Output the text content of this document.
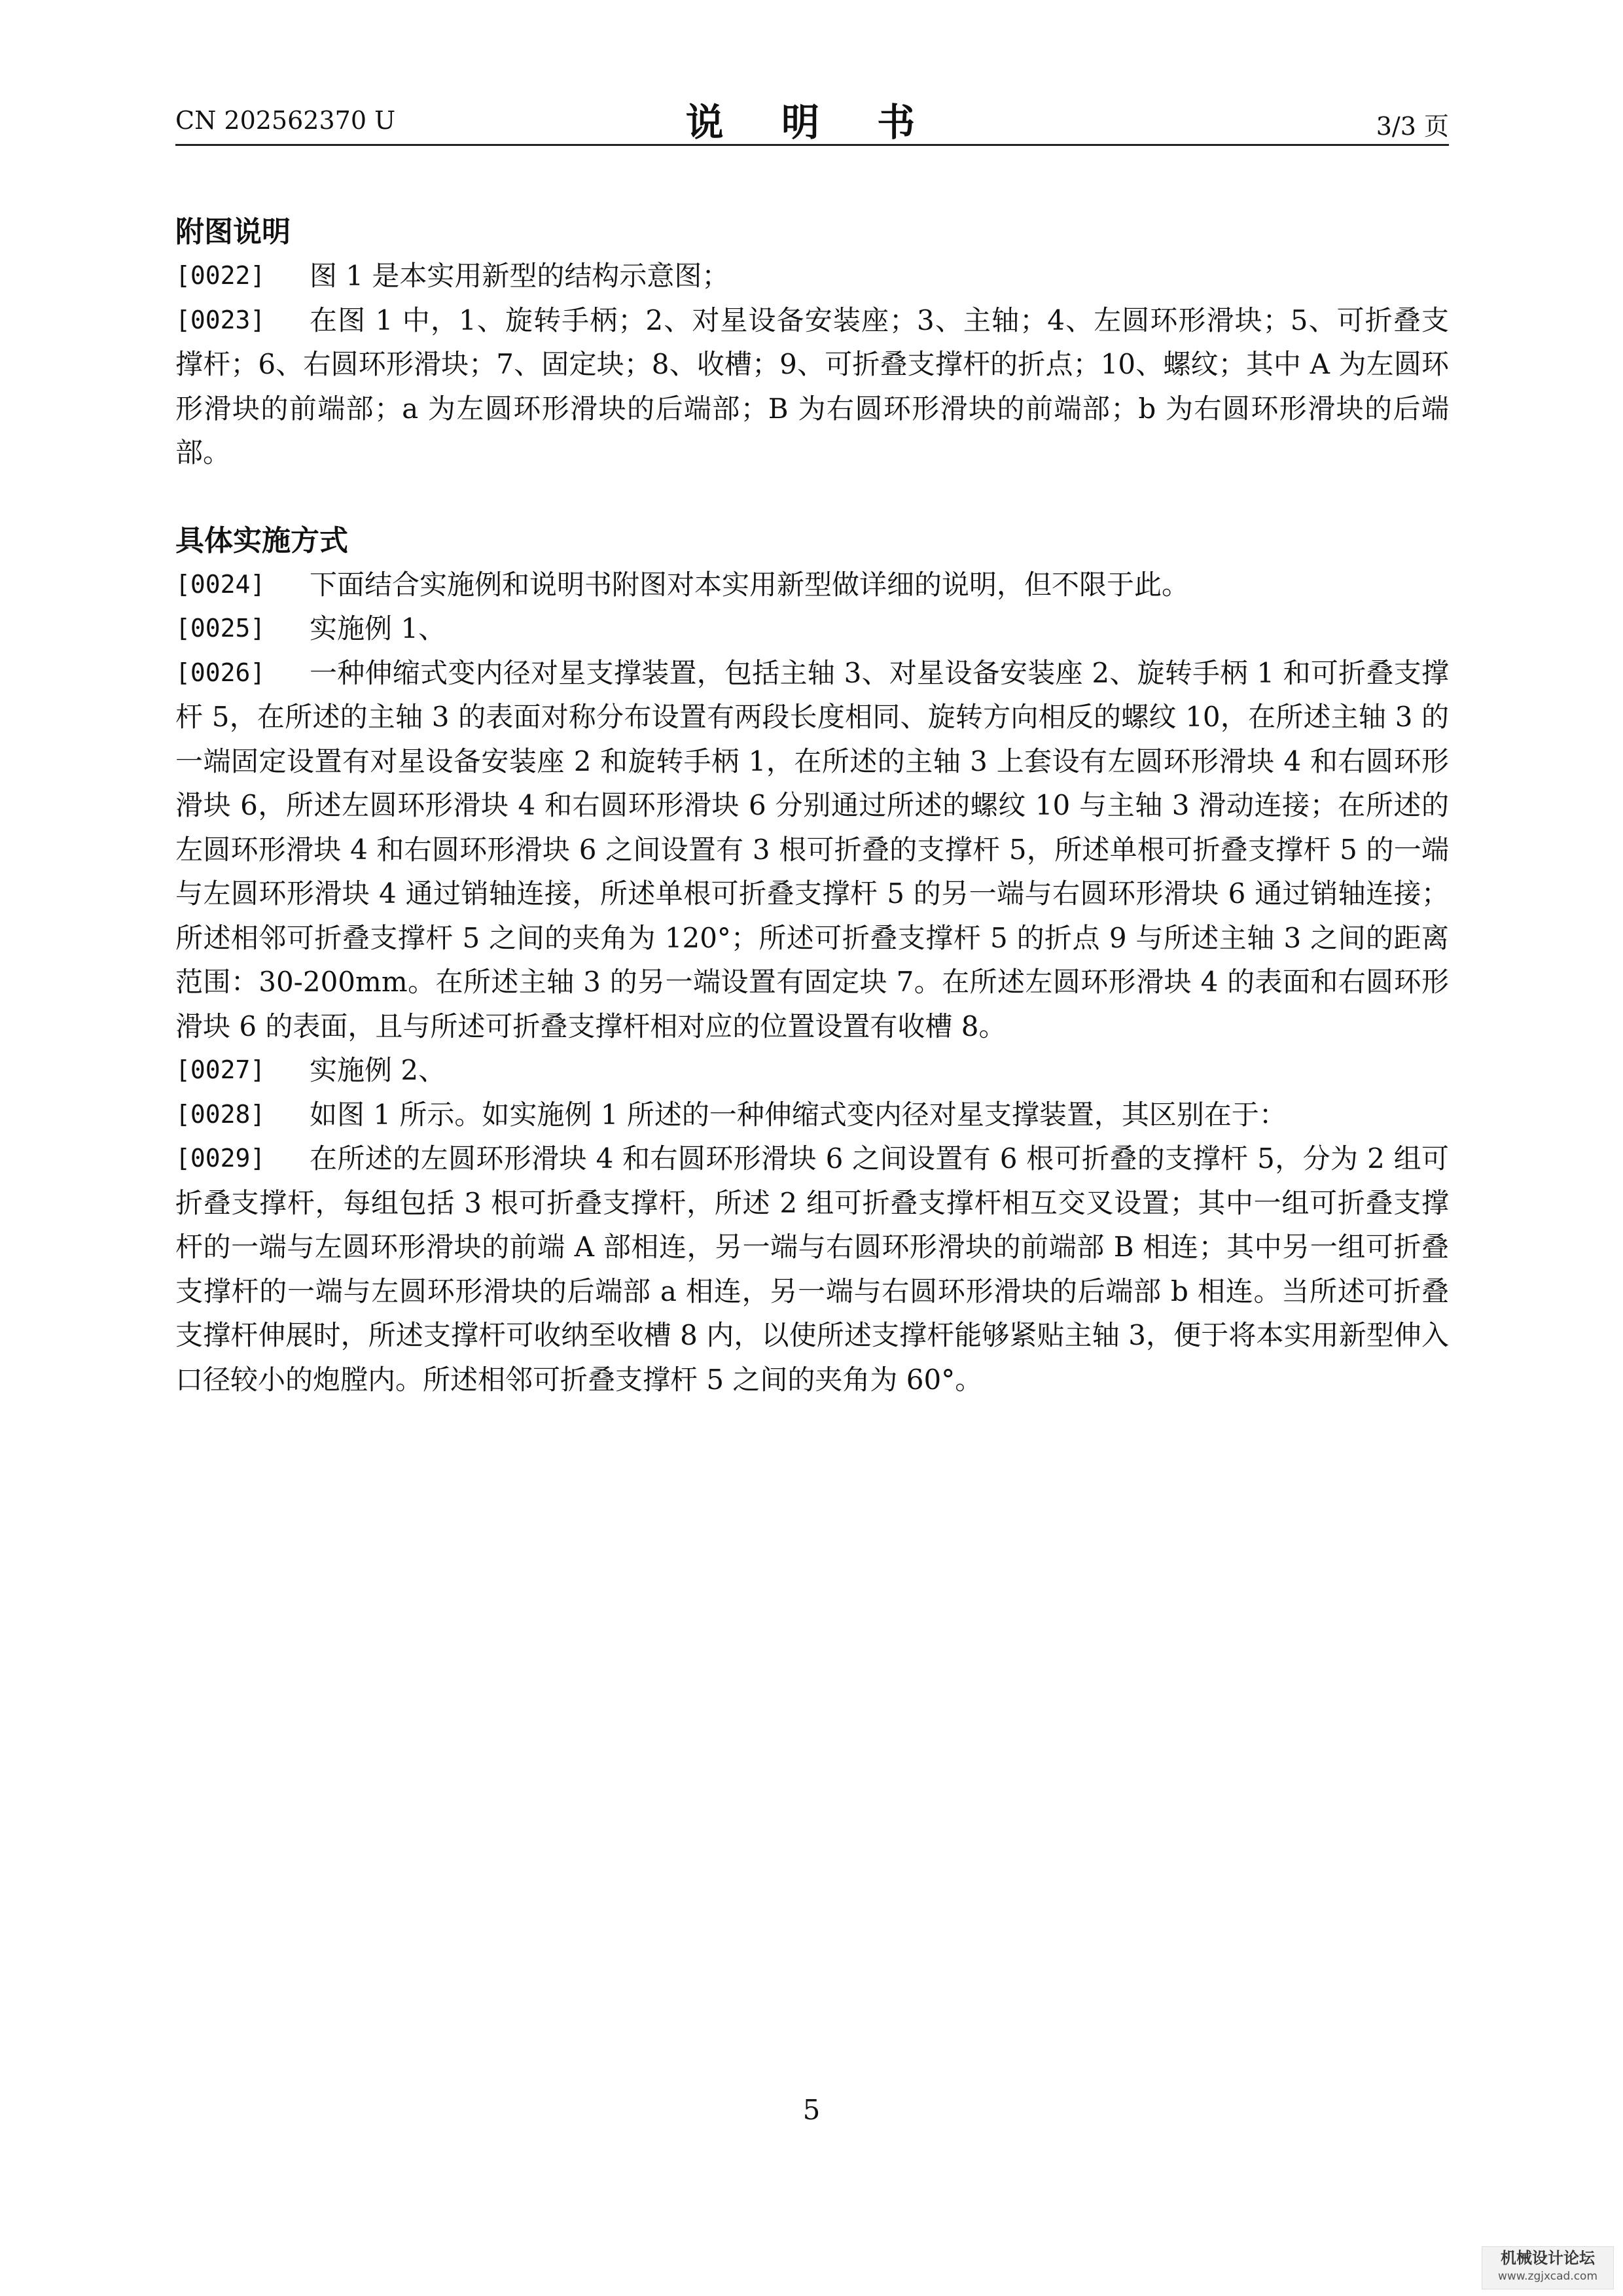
CN 202562370 U	说 明 书	3/3 页
附图说明

[0022] 图 1 是本实用新型的结构示意图；

[0023] 在图 1 中，1、旋转手柄；2、对星设备安装座；3、主轴；4、左圆环形滑块；5、可折叠支撑杆；6、右圆环形滑块；7、固定块；8、收槽；9、可折叠支撑杆的折点；10、螺纹；其中 A 为左圆环形滑块的前端部；a 为左圆环形滑块的后端部；B 为右圆环形滑块的前端部；b 为右圆环形滑块的后端部。

具体实施方式

[0024] 下面结合实施例和说明书附图对本实用新型做详细的说明，但不限于此。

[0025] 实施例 1、

[0026] 一种伸缩式变内径对星支撑装置，包括主轴 3、对星设备安装座 2、旋转手柄 1 和可折叠支撑杆 5，在所述的主轴 3 的表面对称分布设置有两段长度相同、旋转方向相反的螺纹 10，在所述主轴 3 的一端固定设置有对星设备安装座 2 和旋转手柄 1，在所述的主轴 3 上套设有左圆环形滑块 4 和右圆环形滑块 6，所述左圆环形滑块 4 和右圆环形滑块 6 分别通过所述的螺纹 10 与主轴 3 滑动连接；在所述的左圆环形滑块 4 和右圆环形滑块 6 之间设置有 3 根可折叠的支撑杆 5，所述单根可折叠支撑杆 5 的一端与左圆环形滑块 4 通过销轴连接，所述单根可折叠支撑杆 5 的另一端与右圆环形滑块 6 通过销轴连接；所述相邻可折叠支撑杆 5 之间的夹角为 120°；所述可折叠支撑杆 5 的折点 9 与所述主轴 3 之间的距离范围：30-200mm。在所述主轴 3 的另一端设置有固定块 7。在所述左圆环形滑块 4 的表面和右圆环形滑块 6 的表面，且与所述可折叠支撑杆相对应的位置设置有收槽 8。

[0027] 实施例 2、

[0028] 如图 1 所示。如实施例 1 所述的一种伸缩式变内径对星支撑装置，其区别在于：

[0029] 在所述的左圆环形滑块 4 和右圆环形滑块 6 之间设置有 6 根可折叠的支撑杆 5，分为 2 组可折叠支撑杆，每组包括 3 根可折叠支撑杆，所述 2 组可折叠支撑杆相互交叉设置；其中一组可折叠支撑杆的一端与左圆环形滑块的前端 A 部相连，另一端与右圆环形滑块的前端部 B 相连；其中另一组可折叠支撑杆的一端与左圆环形滑块的后端部 a 相连，另一端与右圆环形滑块的后端部 b 相连。当所述可折叠支撑杆伸展时，所述支撑杆可收纳至收槽 8 内，以使所述支撑杆能够紧贴主轴 3，便于将本实用新型伸入口径较小的炮膛内。所述相邻可折叠支撑杆 5 之间的夹角为 60°。

5
机械设计论坛
www.zgjxcad.com
